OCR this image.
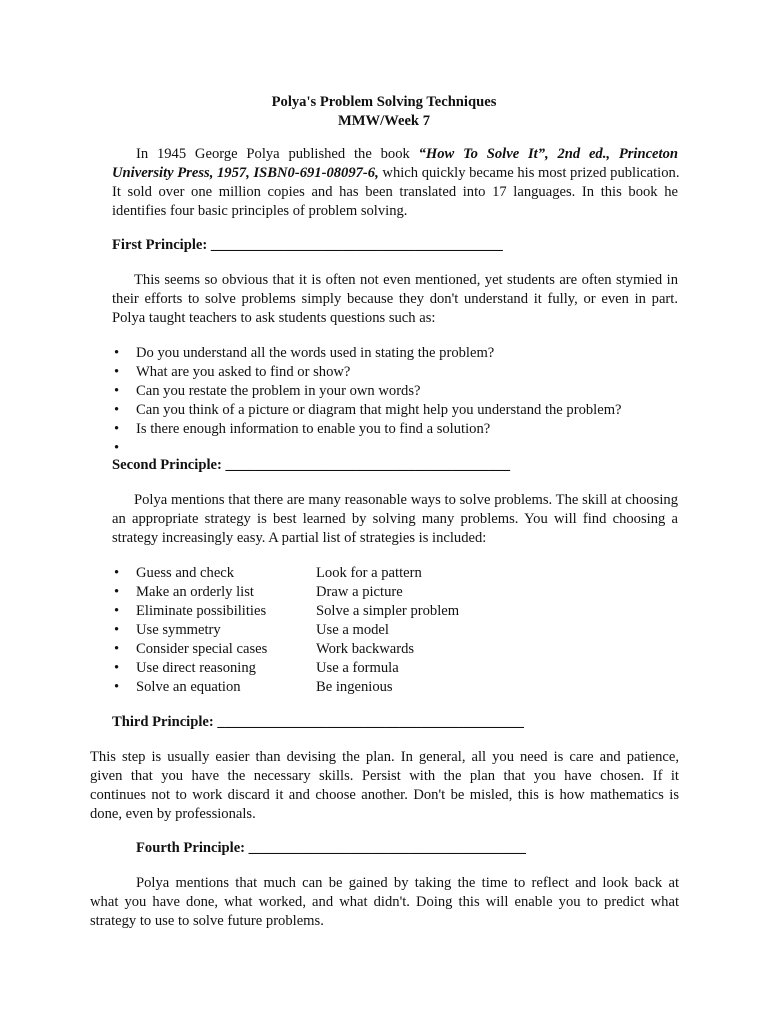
Polya's Problem Solving Techniques
MMW/Week 7
In 1945 George Polya published the book “How To Solve It”, 2nd ed., Princeton
University Press, 1957, ISBN0-691-08097-6, which quickly became his most prized publication.
It sold over one million copies and has been translated into 17 languages. In this book he
identifies four basic principles of problem solving.
First Principle: ________________________________________
This seems so obvious that it is often not even mentioned, yet students are often stymied in
their efforts to solve problems simply because they don't understand it fully, or even in part.
Polya taught teachers to ask students questions such as:
• Do you understand all the words used in stating the problem?
• What are you asked to find or show?
• Can you restate the problem in your own words?
• Can you think of a picture or diagram that might help you understand the problem?
• Is there enough information to enable you to find a solution?
•
Second Principle: _______________________________________
Polya mentions that there are many reasonable ways to solve problems. The skill at choosing
an appropriate strategy is best learned by solving many problems. You will find choosing a
strategy increasingly easy. A partial list of strategies is included:
• Guess and check
• Make an orderly list
• Eliminate possibilities
• Use symmetry
• Consider special cases
• Use direct reasoning
• Solve an equation
Look for a pattern
Draw a picture
Solve a simpler problem
Use a model
Work backwards
Use a formula
Be ingenious
Third Principle: __________________________________________
This step is usually easier than devising the plan. In general, all you need is care and patience,
given that you have the necessary skills. Persist with the plan that you have chosen. If it
continues not to work discard it and choose another. Don't be misled, this is how mathematics is
done, even by professionals.
Fourth Principle: ______________________________________
Polya mentions that much can be gained by taking the time to reflect and look back at
what you have done, what worked, and what didn't. Doing this will enable you to predict what
strategy to use to solve future problems.
